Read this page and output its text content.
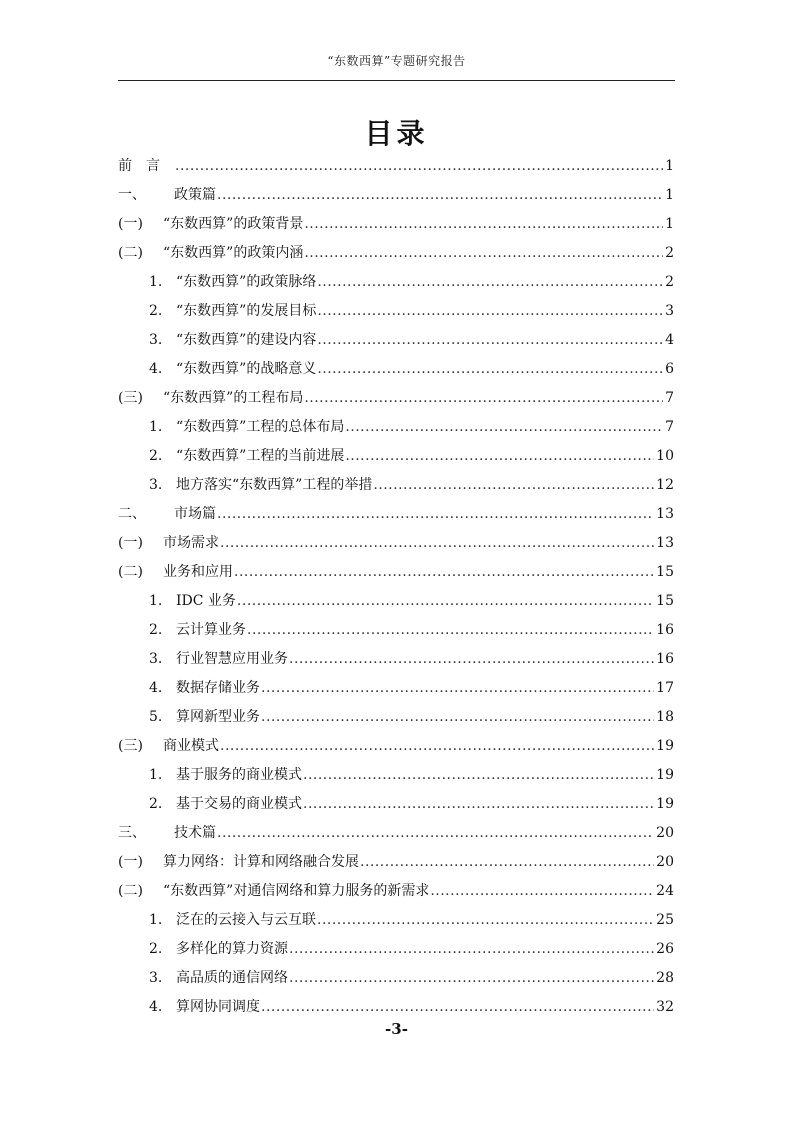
“东数西算”专题研究报告
目录
前　言 .....	1
一、	政策篇 .....	1
(一)	“东数西算”的政策背景 .....	1
(二)	“东数西算”的政策内涵 .....	2
1. “东数西算”的政策脉络 .....	2
2. “东数西算”的发展目标 .....	3
3. “东数西算”的建设内容 .....	4
4. “东数西算”的战略意义 .....	6
(三)	“东数西算”的工程布局 .....	7
1. “东数西算”工程的总体布局 .....	7
2. “东数西算”工程的当前进展 .....	10
3. 地方落实“东数西算”工程的举措 .....	12
二、	市场篇 .....	13
(一)	市场需求 .....	13
(二)	业务和应用 .....	15
1. IDC 业务 .....	15
2. 云计算业务 .....	16
3. 行业智慧应用业务 .....	16
4. 数据存储业务 .....	17
5. 算网新型业务 .....	18
(三)	商业模式 .....	19
1. 基于服务的商业模式 .....	19
2. 基于交易的商业模式 .....	19
三、	技术篇 .....	20
(一)	算力网络：计算和网络融合发展 .....	20
(二)	“东数西算”对通信网络和算力服务的新需求 .....	24
1. 泛在的云接入与云互联 .....	25
2. 多样化的算力资源 .....	26
3. 高品质的通信网络 .....	28
4. 算网协同调度 .....	32
-3-
